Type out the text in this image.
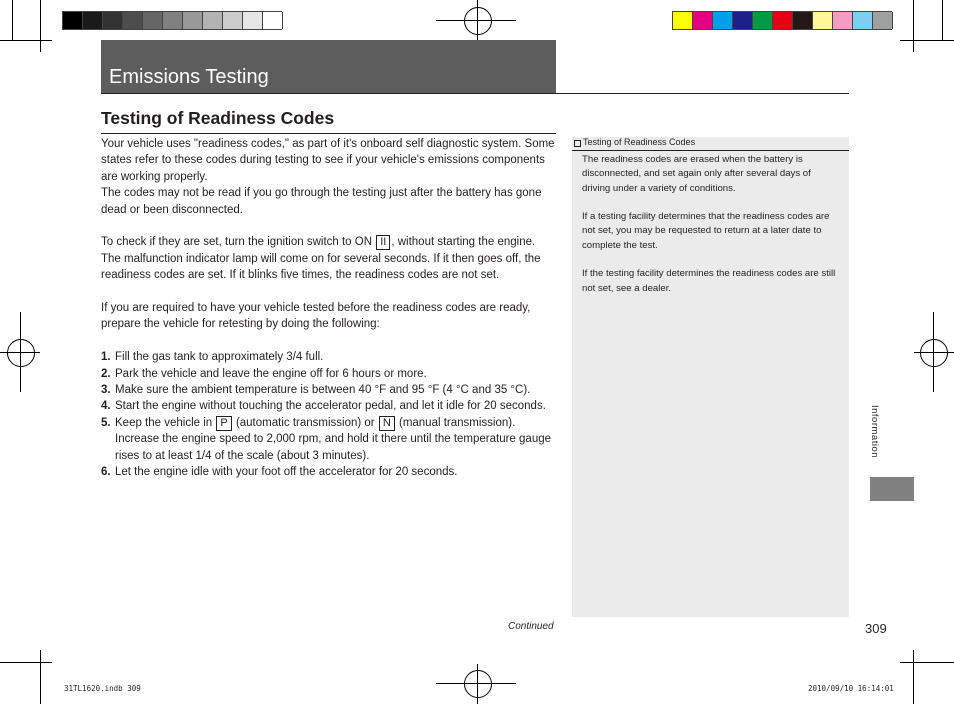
Emissions Testing
Testing of Readiness Codes

Your vehicle uses "readiness codes," as part of it's onboard self diagnostic system. Some states refer to these codes during testing to see if your vehicle's emissions components are working properly.

The codes may not be read if you go through the testing just after the battery has gone dead or been disconnected.

To check if they are set, turn the ignition switch to ON II , without starting the engine. The malfunction indicator lamp will come on for several seconds. If it then goes off, the readiness codes are set. If it blinks five times, the readiness codes are not set.

If you are required to have your vehicle tested before the readiness codes are ready, prepare the vehicle for retesting by doing the following:

1. Fill the gas tank to approximately 3/4 full.
2. Park the vehicle and leave the engine off for 6 hours or more.
3. Make sure the ambient temperature is between 40 °F and 95 °F (4 °C and 35 °C).
4. Start the engine without touching the accelerator pedal, and let it idle for 20 seconds.
5. Keep the vehicle in P (automatic transmission) or N (manual transmission). Increase the engine speed to 2,000 rpm, and hold it there until the temperature gauge rises to at least 1/4 of the scale (about 3 minutes).
6. Let the engine idle with your foot off the accelerator for 20 seconds.
Testing of Readiness Codes

The readiness codes are erased when the battery is disconnected, and set again only after several days of driving under a variety of conditions.

If a testing facility determines that the readiness codes are not set, you may be requested to return at a later date to complete the test.

If the testing facility determines the readiness codes are still not set, see a dealer.

Information
Continued	309
31TL1620.indb 309	2010/09/10 16:14:01
